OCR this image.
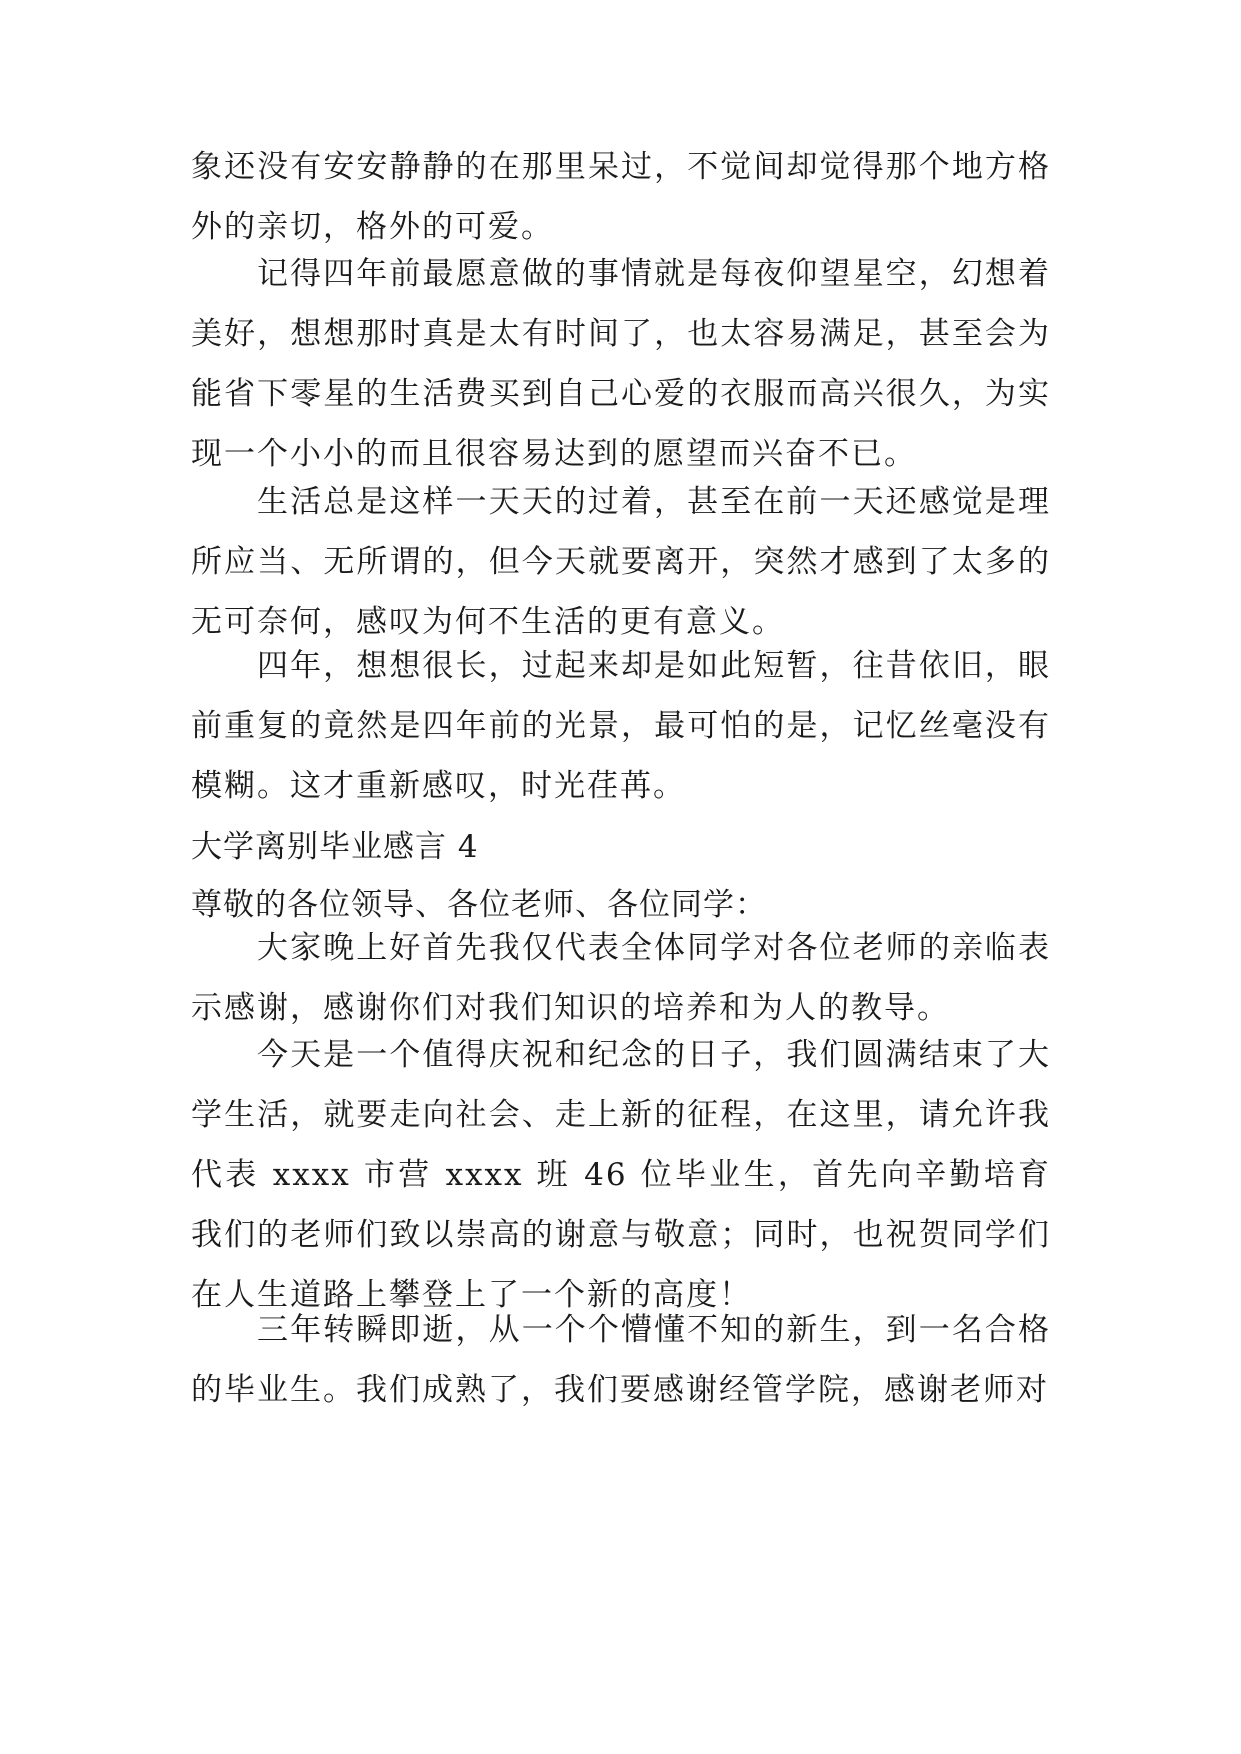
象还没有安安静静的在那里呆过，不觉间却觉得那个地方格外的亲切，格外的可爱。

记得四年前最愿意做的事情就是每夜仰望星空，幻想着美好，想想那时真是太有时间了，也太容易满足，甚至会为能省下零星的生活费买到自己心爱的衣服而高兴很久，为实现一个小小的而且很容易达到的愿望而兴奋不已。

生活总是这样一天天的过着，甚至在前一天还感觉是理所应当、无所谓的，但今天就要离开，突然才感到了太多的无可奈何，感叹为何不生活的更有意义。

四年，想想很长，过起来却是如此短暂，往昔依旧，眼前重复的竟然是四年前的光景，最可怕的是，记忆丝毫没有模糊。这才重新感叹，时光荏苒。

大学离别毕业感言 4

尊敬的各位领导、各位老师、各位同学：

大家晚上好首先我仅代表全体同学对各位老师的亲临表示感谢，感谢你们对我们知识的培养和为人的教导。

今天是一个值得庆祝和纪念的日子，我们圆满结束了大学生活，就要走向社会、走上新的征程，在这里，请允许我代表 xxxx 市营 xxxx 班 46 位毕业生，首先向辛勤培育我们的老师们致以崇高的谢意与敬意；同时，也祝贺同学们在人生道路上攀登上了一个新的高度！

三年转瞬即逝，从一个个懵懂不知的新生，到一名合格的毕业生。我们成熟了，我们要感谢经管学院，感谢老师对
